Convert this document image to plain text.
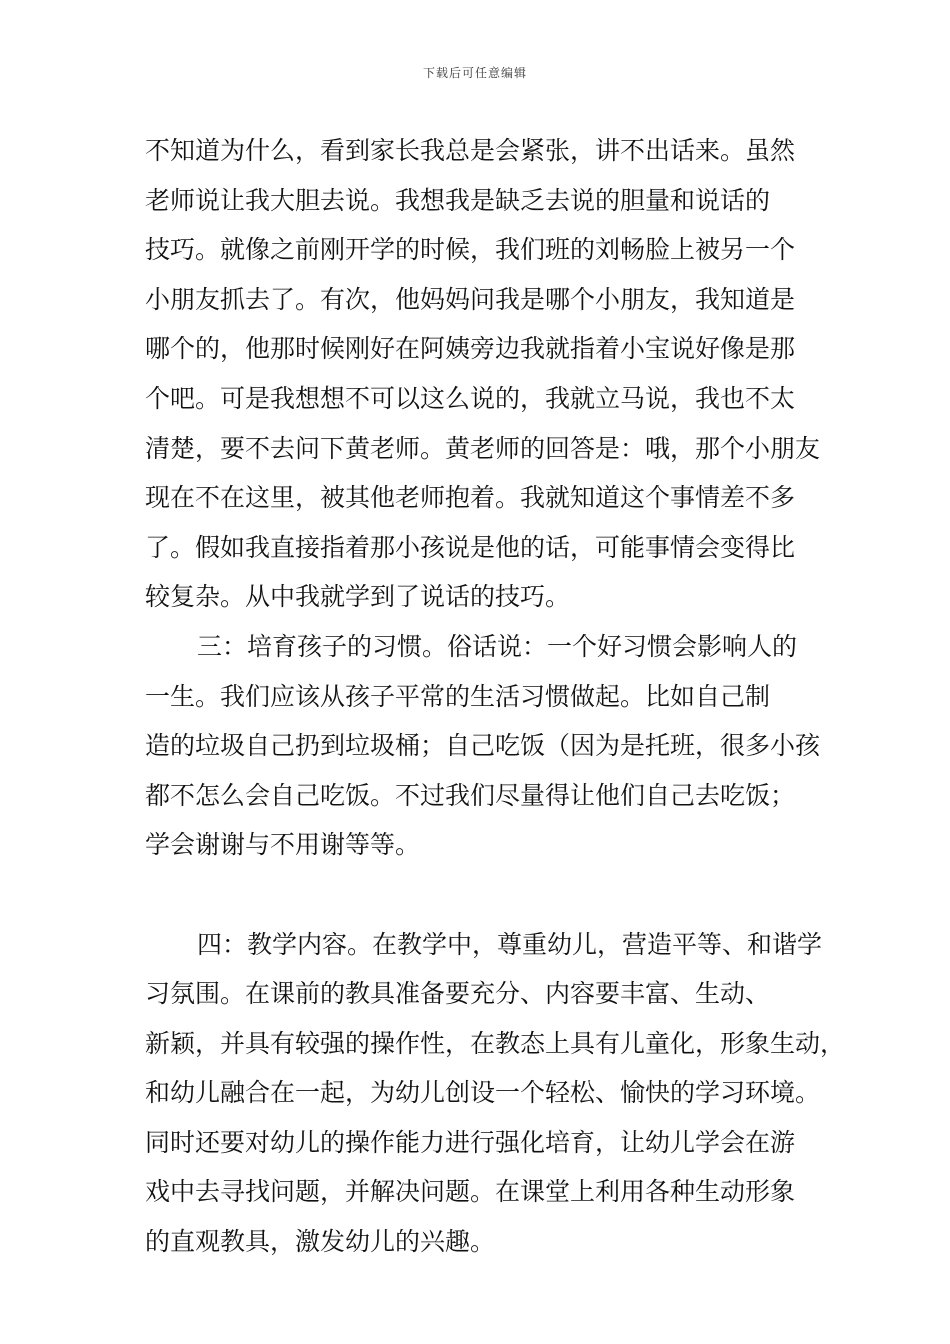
下载后可任意编辑
不知道为什么，看到家长我总是会紧张，讲不出话来。虽然
老师说让我大胆去说。我想我是缺乏去说的胆量和说话的
技巧。就像之前刚开学的时候，我们班的刘畅脸上被另一个
小朋友抓去了。有次，他妈妈问我是哪个小朋友，我知道是
哪个的，他那时候刚好在阿姨旁边我就指着小宝说好像是那
个吧。可是我想想不可以这么说的，我就立马说，我也不太
清楚，要不去问下黄老师。黄老师的回答是：哦，那个小朋友
现在不在这里，被其他老师抱着。我就知道这个事情差不多
了。假如我直接指着那小孩说是他的话，可能事情会变得比
较复杂。从中我就学到了说话的技巧。
三：培育孩子的习惯。俗话说：一个好习惯会影响人的
一生。我们应该从孩子平常的生活习惯做起。比如自己制
造的垃圾自己扔到垃圾桶；自己吃饭（因为是托班，很多小孩
都不怎么会自己吃饭。不过我们尽量得让他们自己去吃饭；
学会谢谢与不用谢等等。
四：教学内容。在教学中，尊重幼儿，营造平等、和谐学
习氛围。在课前的教具准备要充分、内容要丰富、生动、
新颖，并具有较强的操作性，在教态上具有儿童化，形象生动，
和幼儿融合在一起，为幼儿创设一个轻松、愉快的学习环境。
同时还要对幼儿的操作能力进行强化培育，让幼儿学会在游
戏中去寻找问题，并解决问题。在课堂上利用各种生动形象
的直观教具，激发幼儿的兴趣。
